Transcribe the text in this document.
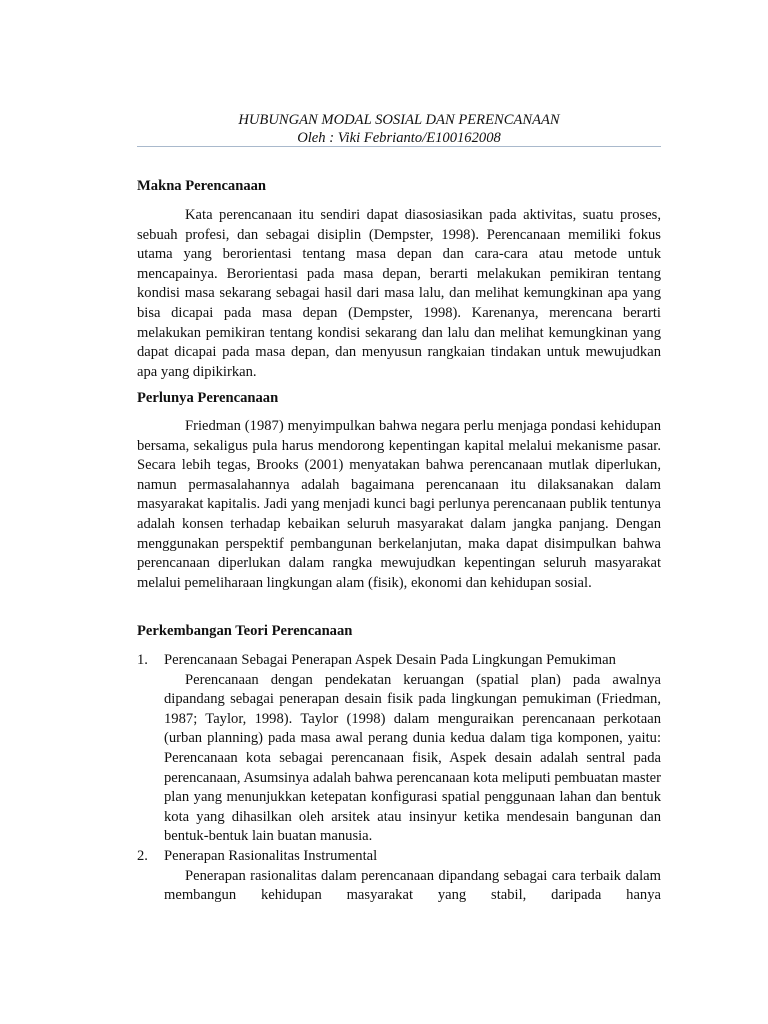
HUBUNGAN MODAL SOSIAL DAN PERENCANAAN
Oleh : Viki Febrianto/E100162008
Makna Perencanaan
Kata perencanaan itu sendiri dapat diasosiasikan pada aktivitas, suatu proses, sebuah profesi, dan sebagai disiplin (Dempster, 1998). Perencanaan memiliki fokus utama yang berorientasi tentang masa depan dan cara-cara atau metode untuk mencapainya. Berorientasi pada masa depan, berarti melakukan pemikiran tentang kondisi masa sekarang sebagai hasil dari masa lalu, dan melihat kemungkinan apa yang bisa dicapai pada masa depan (Dempster, 1998). Karenanya, merencana berarti melakukan pemikiran tentang kondisi sekarang dan lalu dan melihat kemungkinan yang dapat dicapai pada masa depan, dan menyusun rangkaian tindakan untuk mewujudkan apa yang dipikirkan.
Perlunya Perencanaan
Friedman (1987) menyimpulkan bahwa negara perlu menjaga pondasi kehidupan bersama, sekaligus pula harus mendorong kepentingan kapital melalui mekanisme pasar. Secara lebih tegas, Brooks (2001) menyatakan bahwa perencanaan mutlak diperlukan, namun permasalahannya adalah bagaimana perencanaan itu dilaksanakan dalam masyarakat kapitalis. Jadi yang menjadi kunci bagi perlunya perencanaan publik tentunya adalah konsen terhadap kebaikan seluruh masyarakat dalam jangka panjang. Dengan menggunakan perspektif pembangunan berkelanjutan, maka dapat disimpulkan bahwa perencanaan diperlukan dalam rangka mewujudkan kepentingan seluruh masyarakat melalui pemeliharaan lingkungan alam (fisik), ekonomi dan kehidupan sosial.
Perkembangan Teori Perencanaan
1. Perencanaan Sebagai Penerapan Aspek Desain Pada Lingkungan Pemukiman
Perencanaan dengan pendekatan keruangan (spatial plan) pada awalnya dipandang sebagai penerapan desain fisik pada lingkungan pemukiman (Friedman, 1987; Taylor, 1998). Taylor (1998) dalam menguraikan perencanaan perkotaan (urban planning) pada masa awal perang dunia kedua dalam tiga komponen, yaitu: Perencanaan kota sebagai perencanaan fisik, Aspek desain adalah sentral pada perencanaan, Asumsinya adalah bahwa perencanaan kota meliputi pembuatan master plan yang menunjukkan ketepatan konfigurasi spatial penggunaan lahan dan bentuk kota yang dihasilkan oleh arsitek atau insinyur ketika mendesain bangunan dan bentuk-bentuk lain buatan manusia.
2. Penerapan Rasionalitas Instrumental
Penerapan rasionalitas dalam perencanaan dipandang sebagai cara terbaik dalam membangun kehidupan masyarakat yang stabil, daripada hanya
